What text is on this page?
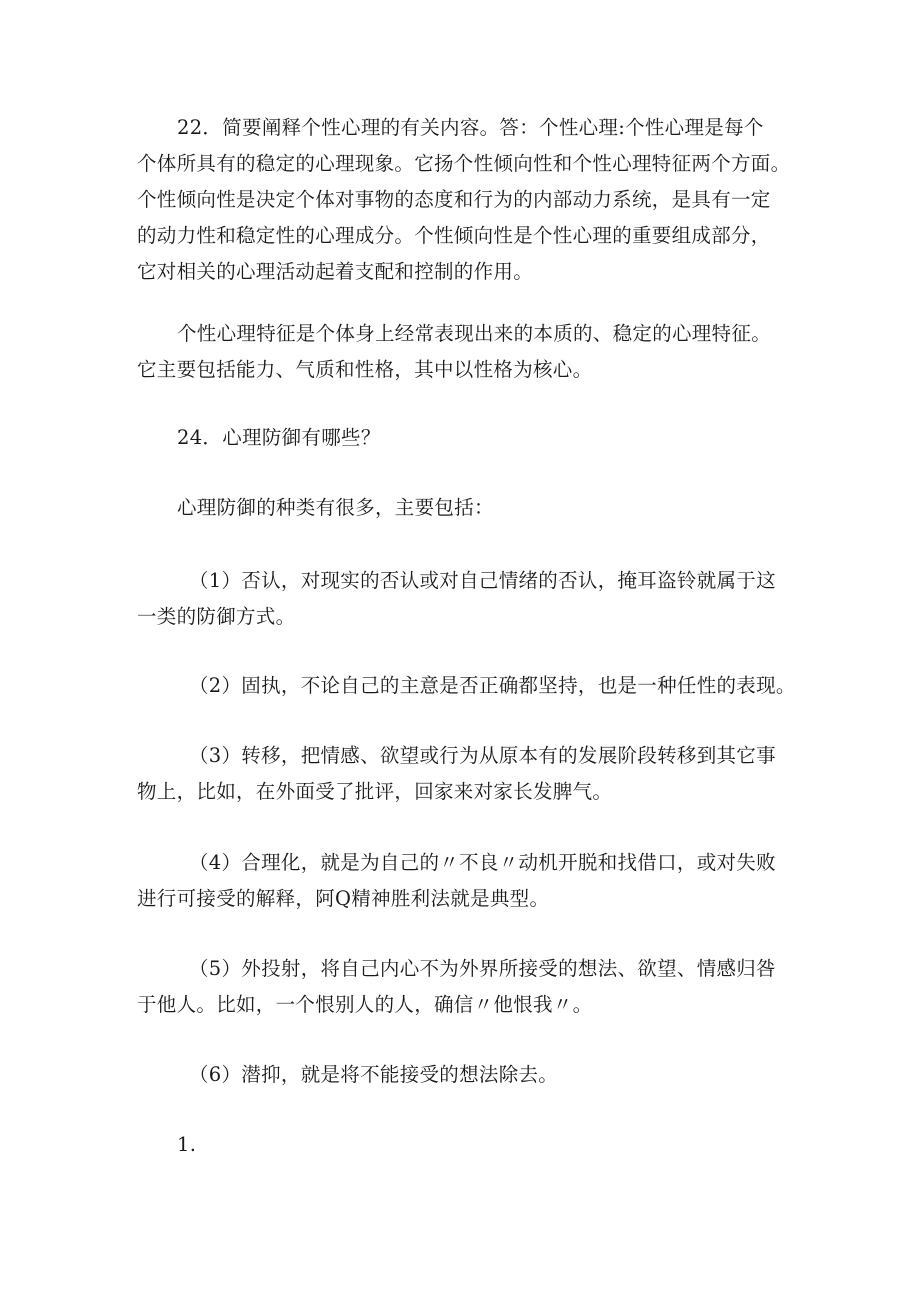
22．简要阐释个性心理的有关内容。答：个性心理:个性心理是每个
个体所具有的稳定的心理现象。它扬个性倾向性和个性心理特征两个方面。
个性倾向性是决定个体对事物的态度和行为的内部动力系统，是具有一定
的动力性和稳定性的心理成分。个性倾向性是个性心理的重要组成部分，
它对相关的心理活动起着支配和控制的作用。
个性心理特征是个体身上经常表现出来的本质的、稳定的心理特征。
它主要包括能力、气质和性格，其中以性格为核心。
24．心理防御有哪些？
心理防御的种类有很多，主要包括：
（1）否认，对现实的否认或对自己情绪的否认，掩耳盗铃就属于这
一类的防御方式。
（2）固执，不论自己的主意是否正确都坚持，也是一种任性的表现。
（3）转移，把情感、欲望或行为从原本有的发展阶段转移到其它事
物上，比如，在外面受了批评，回家来对家长发脾气。
（4）合理化，就是为自己的〃不良〃动机开脱和找借口，或对失败
进行可接受的解释，阿Q精神胜利法就是典型。
（5）外投射，将自己内心不为外界所接受的想法、欲望、情感归咎
于他人。比如，一个恨别人的人，确信〃他恨我〃。
（6）潜抑，就是将不能接受的想法除去。
1.
